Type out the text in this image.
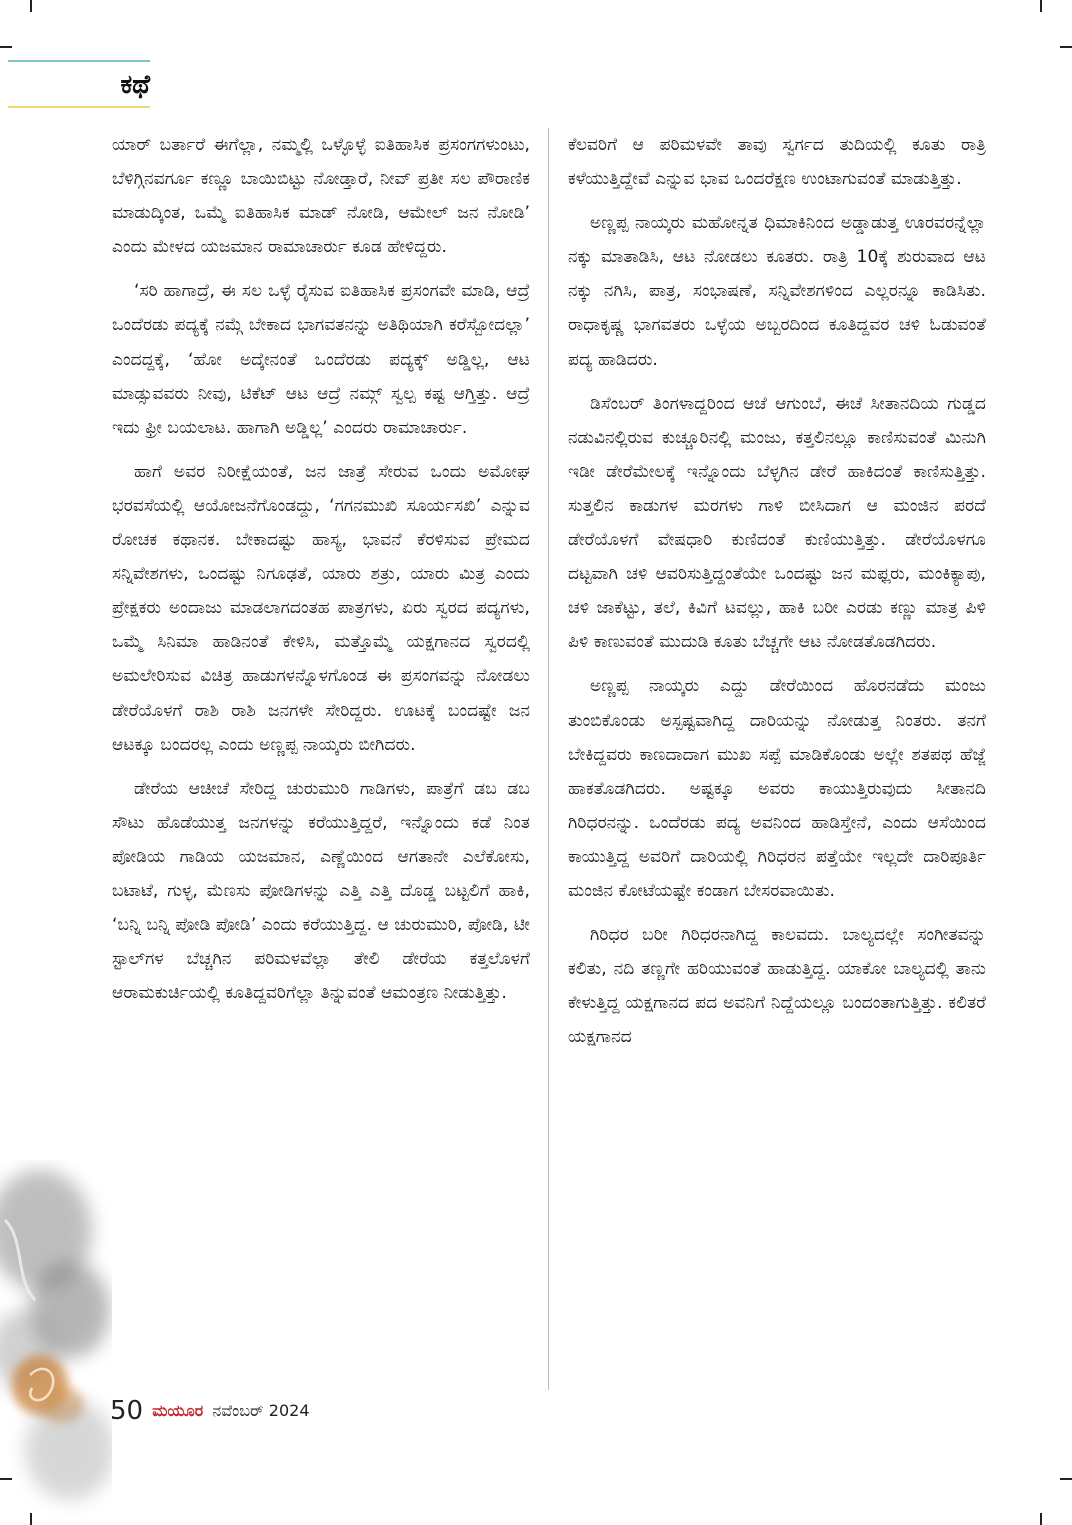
ಕಥೆ

ಯಾರ್ ಬರ್ತಾರೆ ಈಗೆಲ್ಲಾ, ನಮ್ಮಲ್ಲಿ ಒಳ್ಳೊಳ್ಳೆ ಐತಿಹಾಸಿಕ ಪ್ರಸಂಗಗಳುಂಟು, ಬೆಳಿಗ್ಗಿನವರ್ಗೂ ಕಣ್ಣೂ ಬಾಯಿಬಿಟ್ಟು ನೋಡ್ತಾರೆ, ನೀವ್ ಪ್ರತೀ ಸಲ ಪೌರಾಣಿಕ ಮಾಡುದ್ಕಿಂತ, ಒಮ್ಮೆ ಐತಿಹಾಸಿಕ ಮಾಡ್ ನೋಡಿ, ಆಮೇಲ್ ಜನ ನೋಡಿ’ ಎಂದು ಮೇಳದ ಯಜಮಾನ ರಾಮಾಚಾರ್ರು ಕೂಡ ಹೇಳಿದ್ದರು.

‘ಸರಿ ಹಾಗಾದ್ರೆ, ಈ ಸಲ ಒಳ್ಳೆ ರೈಸುವ ಐತಿಹಾಸಿಕ ಪ್ರಸಂಗವೇ ಮಾಡಿ, ಆದ್ರೆ ಒಂದೆರಡು ಪದ್ಯಕ್ಕೆ ನಮ್ಗೆ ಬೇಕಾದ ಭಾಗವತನನ್ನು ಅತಿಥಿಯಾಗಿ ಕರೆಸ್ಬೋದಲ್ಲಾ’ ಎಂದದ್ದಕ್ಕೆ, ‘ಹೋ ಅದ್ಕೇನಂತೆ ಒಂದೆರಡು ಪದ್ಯಕ್ಕ್ ಅಡ್ಡಿಲ್ಲ, ಆಟ ಮಾಡ್ಸುವವರು ನೀವು, ಟಿಕೆಟ್ ಆಟ ಆದ್ರೆ ನಮ್ಗ್ ಸ್ವಲ್ಪ ಕಷ್ಟ ಆಗ್ತಿತ್ತು. ಆದ್ರೆ ಇದು ಫ್ರೀ ಬಯಲಾಟ. ಹಾಗಾಗಿ ಅಡ್ಡಿಲ್ಲ’ ಎಂದರು ರಾಮಾಚಾರ್ರು.

ಹಾಗೆ ಅವರ ನಿರೀಕ್ಷೆಯಂತೆ, ಜನ ಜಾತ್ರೆ ಸೇರುವ ಒಂದು ಅಮೋಘ ಭರವಸೆಯಲ್ಲಿ ಆಯೋಜನೆಗೊಂಡದ್ದು, ‘ಗಗನಮುಖಿ ಸೂರ್ಯಸಖಿ’ ಎನ್ನುವ ರೋಚಕ ಕಥಾನಕ. ಬೇಕಾದಷ್ಟು ಹಾಸ್ಯ, ಭಾವನೆ ಕೆರಳಿಸುವ ಪ್ರೇಮದ ಸನ್ನಿವೇಶಗಳು, ಒಂದಷ್ಟು ನಿಗೂಢತೆ, ಯಾರು ಶತ್ರು, ಯಾರು ಮಿತ್ರ ಎಂದು ಪ್ರೇಕ್ಷಕರು ಅಂದಾಜು ಮಾಡಲಾಗದಂತಹ ಪಾತ್ರಗಳು, ಏರು ಸ್ವರದ ಪದ್ಯಗಳು, ಒಮ್ಮೆ ಸಿನಿಮಾ ಹಾಡಿನಂತೆ ಕೇಳಿಸಿ, ಮತ್ತೊಮ್ಮೆ ಯಕ್ಷಗಾನದ ಸ್ವರದಲ್ಲಿ ಅಮಲೇರಿಸುವ ವಿಚಿತ್ರ ಹಾಡುಗಳನ್ನೊಳಗೊಂಡ ಈ ಪ್ರಸಂಗವನ್ನು ನೋಡಲು ಡೇರೆಯೊಳಗೆ ರಾಶಿ ರಾಶಿ ಜನಗಳೇ ಸೇರಿದ್ದರು. ಊಟಕ್ಕೆ ಬಂದಷ್ಟೇ ಜನ ಆಟಕ್ಕೂ ಬಂದರಲ್ಲ ಎಂದು ಅಣ್ಣಪ್ಪ ನಾಯ್ಕರು ಬೀಗಿದರು.

ಡೇರೆಯ ಆಚೀಚೆ ಸೇರಿದ್ದ ಚುರುಮುರಿ ಗಾಡಿಗಳು, ಪಾತ್ರೆಗೆ ಡಬ ಡಬ ಸೌಟು ಹೊಡೆಯುತ್ತ ಜನಗಳನ್ನು ಕರೆಯುತ್ತಿದ್ದರೆ, ಇನ್ನೊಂದು ಕಡೆ ನಿಂತ ಪೋಡಿಯ ಗಾಡಿಯ ಯಜಮಾನ, ಎಣ್ಣೆಯಿಂದ ಆಗತಾನೇ ಎಲೆಕೋಸು, ಬಟಾಟೆ, ಗುಳ್ಳ, ಮೆಣಸು ಪೋಡಿಗಳನ್ನು ಎತ್ತಿ ಎತ್ತಿ ದೊಡ್ಡ ಬಟ್ಟಲಿಗೆ ಹಾಕಿ, ‘ಬನ್ನಿ ಬನ್ನಿ ಪೋಡಿ ಪೋಡಿ’ ಎಂದು ಕರೆಯುತ್ತಿದ್ದ. ಆ ಚುರುಮುರಿ, ಪೋಡಿ, ಟೀ ಸ್ಟಾಲ್‌ಗಳ ಬೆಚ್ಚಗಿನ ಪರಿಮಳವೆಲ್ಲಾ ತೇಲಿ ಡೇರೆಯ ಕತ್ತಲೊಳಗೆ ಆರಾಮಕುರ್ಚಿಯಲ್ಲಿ ಕೂತಿದ್ದವರಿಗೆಲ್ಲಾ ತಿನ್ನುವಂತೆ ಆಮಂತ್ರಣ ನೀಡುತ್ತಿತ್ತು.

ಕೆಲವರಿಗೆ ಆ ಪರಿಮಳವೇ ತಾವು ಸ್ವರ್ಗದ ತುದಿಯಲ್ಲಿ ಕೂತು ರಾತ್ರಿ ಕಳೆಯುತ್ತಿದ್ದೇವೆ ಎನ್ನುವ ಭಾವ ಒಂದರೆಕ್ಷಣ ಉಂಟಾಗುವಂತೆ ಮಾಡುತ್ತಿತ್ತು.

ಅಣ್ಣಪ್ಪ ನಾಯ್ಕರು ಮಹೋನ್ನತ ಧಿಮಾಕಿನಿಂದ ಅಡ್ಡಾಡುತ್ತ ಊರವರನ್ನೆಲ್ಲಾ ನಕ್ಕು ಮಾತಾಡಿಸಿ, ಆಟ ನೋಡಲು ಕೂತರು. ರಾತ್ರಿ 10ಕ್ಕೆ ಶುರುವಾದ ಆಟ ನಕ್ಕು ನಗಿಸಿ, ಪಾತ್ರ, ಸಂಭಾಷಣೆ, ಸನ್ನಿವೇಶಗಳಿಂದ ಎಲ್ಲರನ್ನೂ ಕಾಡಿಸಿತು. ರಾಧಾಕೃಷ್ಣ ಭಾಗವತರು ಒಳ್ಳೆಯ ಅಬ್ಬರದಿಂದ ಕೂತಿದ್ದವರ ಚಳಿ ಓಡುವಂತೆ ಪದ್ಯ ಹಾಡಿದರು.

ಡಿಸೆಂಬರ್ ತಿಂಗಳಾದ್ದರಿಂದ ಆಚೆ ಆಗುಂಬೆ, ಈಚೆ ಸೀತಾನದಿಯ ಗುಡ್ಡದ ನಡುವಿನಲ್ಲಿರುವ ಕುಚ್ಚೂರಿನಲ್ಲಿ ಮಂಜು, ಕತ್ತಲಿನಲ್ಲೂ ಕಾಣಿಸುವಂತೆ ಮಿನುಗಿ ಇಡೀ ಡೇರೆಮೇಲಕ್ಕೆ ಇನ್ನೊಂದು ಬೆಳ್ಳಗಿನ ಡೇರೆ ಹಾಕಿದಂತೆ ಕಾಣಿಸುತ್ತಿತ್ತು. ಸುತ್ತಲಿನ ಕಾಡುಗಳ ಮರಗಳು ಗಾಳಿ ಬೀಸಿದಾಗ ಆ ಮಂಜಿನ ಪರದೆ ಡೇರೆಯೊಳಗೆ ವೇಷಧಾರಿ ಕುಣಿದಂತೆ ಕುಣಿಯುತ್ತಿತ್ತು. ಡೇರೆಯೊಳಗೂ ದಟ್ಟವಾಗಿ ಚಳಿ ಆವರಿಸುತ್ತಿದ್ದಂತೆಯೇ ಒಂದಷ್ಟು ಜನ ಮಫ್ಲರು, ಮಂಕಿಕ್ಯಾಪು, ಚಳಿ ಜಾಕೆಟ್ಟು, ತಲೆ, ಕಿವಿಗೆ ಟವಲ್ಲು, ಹಾಕಿ ಬರೀ ಎರಡು ಕಣ್ಣು ಮಾತ್ರ ಪಿಳಿ ಪಿಳಿ ಕಾಣುವಂತೆ ಮುದುಡಿ ಕೂತು ಬೆಚ್ಚಗೇ ಆಟ ನೋಡತೊಡಗಿದರು.

ಅಣ್ಣಪ್ಪ ನಾಯ್ಕರು ಎದ್ದು ಡೇರೆಯಿಂದ ಹೊರನಡೆದು ಮಂಜು ತುಂಬಿಕೊಂಡು ಅಸ್ಪಷ್ಟವಾಗಿದ್ದ ದಾರಿಯನ್ನು ನೋಡುತ್ತ ನಿಂತರು. ತನಗೆ ಬೇಕಿದ್ದವರು ಕಾಣದಾದಾಗ ಮುಖ ಸಪ್ಪೆ ಮಾಡಿಕೊಂಡು ಅಲ್ಲೇ ಶತಪಥ ಹೆಜ್ಜೆ ಹಾಕತೊಡಗಿದರು. ಅಷ್ಟಕ್ಕೂ ಅವರು ಕಾಯುತ್ತಿರುವುದು ಸೀತಾನದಿ ಗಿರಿಧರನನ್ನು. ಒಂದೆರಡು ಪದ್ಯ ಅವನಿಂದ ಹಾಡಿಸ್ತೇನೆ, ಎಂದು ಆಸೆಯಿಂದ ಕಾಯುತ್ತಿದ್ದ ಅವರಿಗೆ ದಾರಿಯಲ್ಲಿ ಗಿರಿಧರನ ಪತ್ತೆಯೇ ಇಲ್ಲದೇ ದಾರಿಪೂರ್ತಿ ಮಂಜಿನ ಕೋಟೆಯಷ್ಟೇ ಕಂಡಾಗ ಬೇಸರವಾಯಿತು.

ಗಿರಿಧರ ಬರೀ ಗಿರಿಧರನಾಗಿದ್ದ ಕಾಲವದು. ಬಾಲ್ಯದಲ್ಲೇ ಸಂಗೀತವನ್ನು ಕಲಿತು, ನದಿ ತಣ್ಣಗೇ ಹರಿಯುವಂತೆ ಹಾಡುತ್ತಿದ್ದ. ಯಾಕೋ ಬಾಲ್ಯದಲ್ಲಿ ತಾನು ಕೇಳುತ್ತಿದ್ದ ಯಕ್ಷಗಾನದ ಪದ ಅವನಿಗೆ ನಿದ್ದೆಯಲ್ಲೂ ಬಂದಂತಾಗುತ್ತಿತ್ತು. ಕಲಿತರೆ ಯಕ್ಷಗಾನದ

50 ಮಯೂರ ನವೆಂಬರ್ 2024
